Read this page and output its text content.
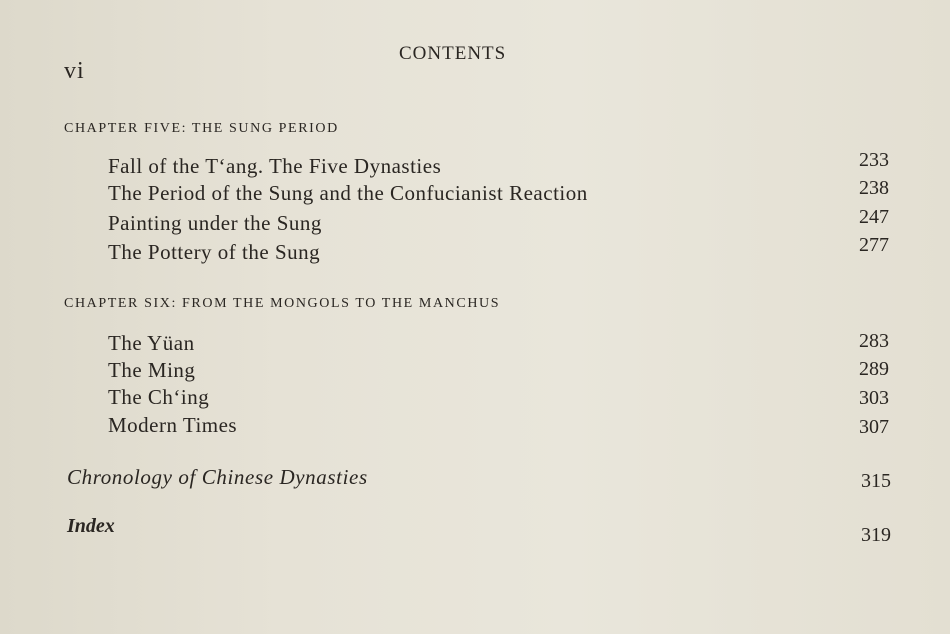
vi
CONTENTS
CHAPTER FIVE: THE SUNG PERIOD
Fall of the T‘ang. The Five Dynasties	233
The Period of the Sung and the Confucianist Reaction	238
Painting under the Sung	247
The Pottery of the Sung	277
CHAPTER SIX: FROM THE MONGOLS TO THE MANCHUS
The Yüan	283
The Ming	289
The Ch‘ing	303
Modern Times	307
Chronology of Chinese Dynasties	315
Index	319
